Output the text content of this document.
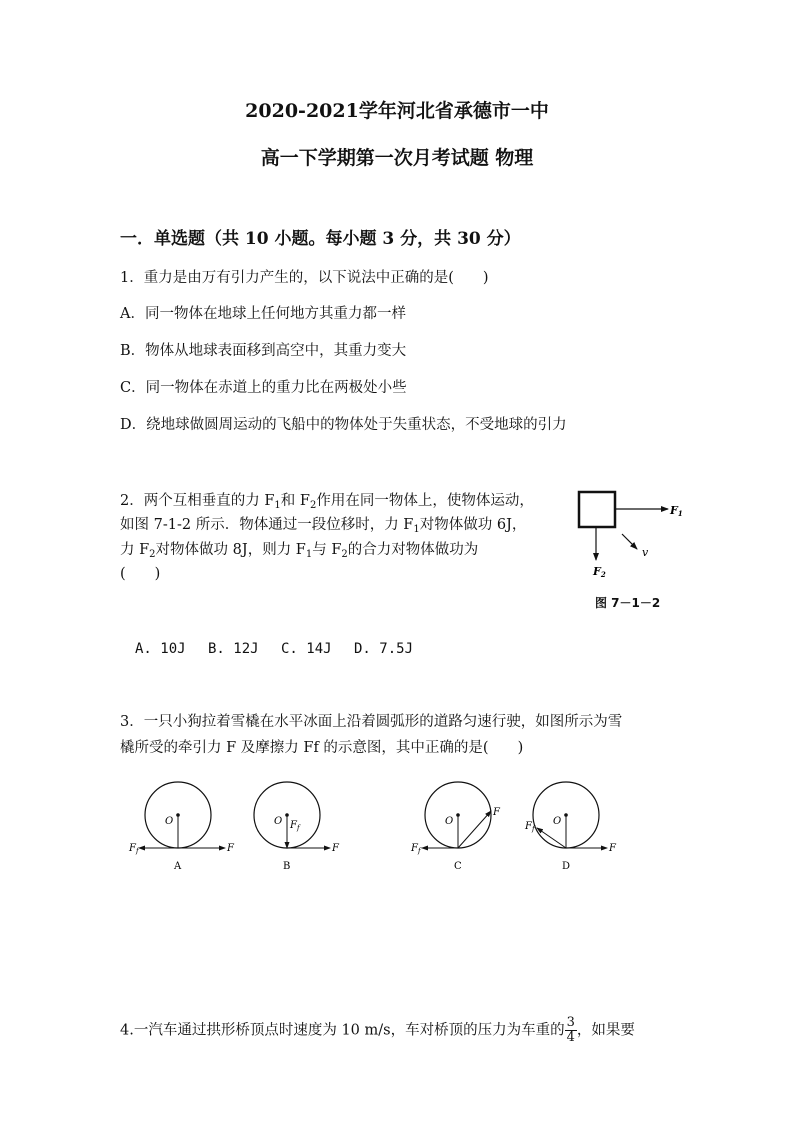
2020-2021学年河北省承德市一中
高一下学期第一次月考试题 物理
一．单选题（共 10 小题。每小题 3 分，共 30 分）
1．重力是由万有引力产生的，以下说法中正确的是(　　)
A．同一物体在地球上任何地方其重力都一样
B．物体从地球表面移到高空中，其重力变大
C．同一物体在赤道上的重力比在两极处小些
D．绕地球做圆周运动的飞船中的物体处于失重状态，不受地球的引力
2．两个互相垂直的力 $F_1$和 $F_2$作用在同一物体上，使物体运动，
如图 7-1-2 所示．物体通过一段位移时，力 $F_1$对物体做功 6J，
力 $F_2$对物体做功 8J，则力 $F_1$与 $F_2$的合力对物体做功为
(　　)
F1
F2
v
图 7－1－2
A. 10J　 B. 12J　 C. 14J　 D. 7.5J
3．一只小狗拉着雪橇在水平冰面上沿着圆弧形的道路匀速行驶，如图所示为雪
橇所受的牵引力 F 及摩擦力 Ff 的示意图，其中正确的是(　　)
O
F
$F_f$
A
O $F_f$
F
B
O
F
$F_f$
C
O
$F_f$
F
D
4.一汽车通过拱形桥顶点时速度为 10 m/s，车对桥顶的压力为车重的 $\frac{3}{4}$ ，如果要
